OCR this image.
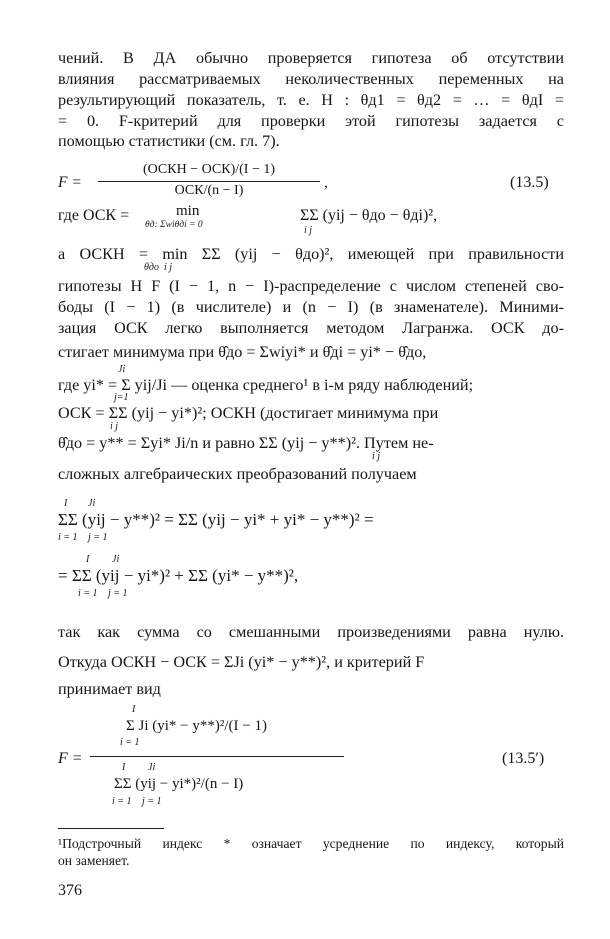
чений. В ДА обычно проверяется гипотеза об отсутствии
влияния рассматриваемых неколичественных переменных на
результирующий показатель, т. е. H : θд1 = θд2 = … = θдI =
= 0. F-критерий для проверки этой гипотезы задается с
помощью статистики (см. гл. 7).
F =
(ОСКH − ОСК)/(I − 1)
ОСК/(n − I)	,	(13.5)
где ОСК =	min
θд: Σwiθдi = 0
ΣΣ (yij − θдо − θдi)²,
i j
а ОСКH = min ΣΣ (yij − θдо)², имеющей при правильности
θдо  i j
гипотезы H F (I − 1, n − I)-распределение с числом степеней сво-
боды (I − 1) (в числителе) и (n − I) (в знаменателе). Миними-
зация ОСК легко выполняется методом Лагранжа. ОСК до-
стигает минимума при θ̂до = Σwiyi* и θ̂дi = yi* − θ̂до,
Ji
где yi* = Σ yij/Ji — оценка среднего¹ в i-м ряду наблюдений;
j=1
ОСК = ΣΣ (yij − yi*)²; ОСКH (достигает минимума при
i j
θ̂до = y** = Σyi* Ji/n и равно ΣΣ (yij − y**)². Путем не-
i j
сложных алгебраических преобразований получаем
I Ji
ΣΣ (yij − y**)² = ΣΣ (yij − yi* + yi* − y**)² =
i = 1 j = 1
I Ji
= ΣΣ (yij − yi*)² + ΣΣ (yi* − y**)²,
i = 1 j = 1
так как сумма со смешанными произведениями равна нулю.
Откуда ОСКH − ОСК = ΣJi (yi* − y**)², и критерий F
принимает вид
F =
I
Σ Ji (yi* − y**)²/(I − 1)
i = 1
I Ji
ΣΣ (yij − yi*)²/(n − I)
i = 1 j = 1
(13.5′)
¹Подстрочный индекс * означает усреднение по индексу, который
он заменяет.
376
